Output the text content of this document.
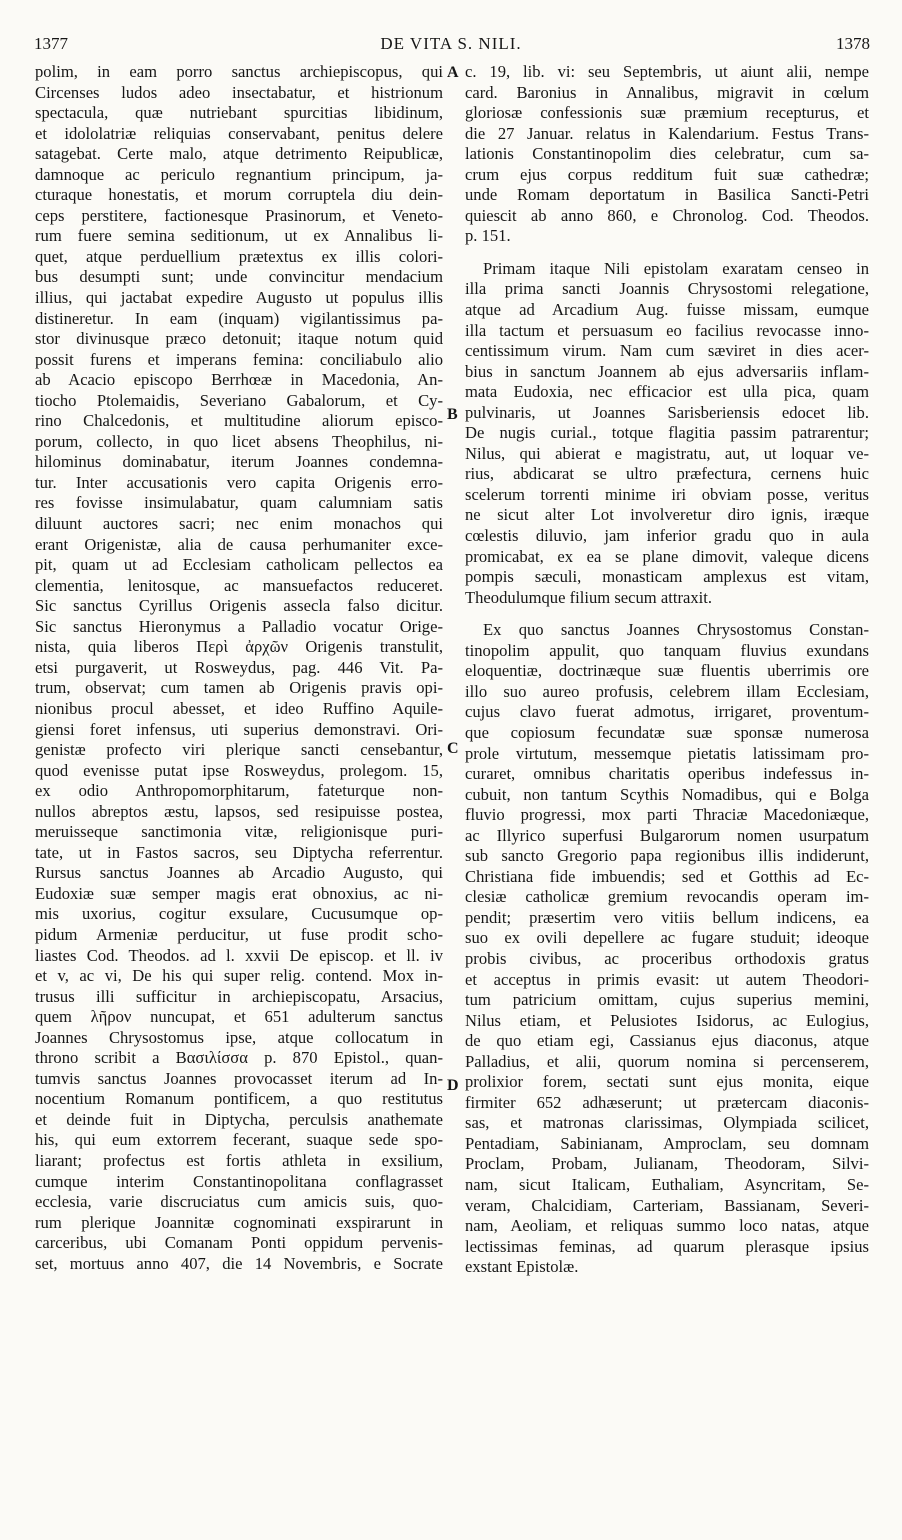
1377	DE VITA S. NILI.	1378
A
B
C
D
polim, in eam porro sanctus archiepiscopus, qui
Circenses ludos adeo insectabatur, et histrionum
spectacula, quæ nutriebant spurcitias libidinum,
et idololatriæ reliquias conservabant, penitus delere
satagebat. Certe malo, atque detrimento Reipublicæ,
damnoque ac periculo regnantium principum, ja-
cturaque honestatis, et morum corruptela diu dein-
ceps perstitere, factionesque Prasinorum, et Veneto-
rum fuere semina seditionum, ut ex Annalibus li-
quet, atque perduellium prætextus ex illis colori-
bus desumpti sunt; unde convincitur mendacium
illius, qui jactabat expedire Augusto ut populus illis
distineretur. In eam (inquam) vigilantissimus pa-
stor divinusque præco detonuit; itaque notum quid
possit furens et imperans femina: conciliabulo alio
ab Acacio episcopo Berrhœæ in Macedonia, An-
tiocho Ptolemaidis, Severiano Gabalorum, et Cy-
rino Chalcedonis, et multitudine aliorum episco-
porum, collecto, in quo licet absens Theophilus, ni-
hilominus dominabatur, iterum Joannes condemna-
tur. Inter accusationis vero capita Origenis erro-
res fovisse insimulabatur, quam calumniam satis
diluunt auctores sacri; nec enim monachos qui
erant Origenistæ, alia de causa perhumaniter exce-
pit, quam ut ad Ecclesiam catholicam pellectos ea
clementia, lenitosque, ac mansuefactos reduceret.
Sic sanctus Cyrillus Origenis assecla falso dicitur.
Sic sanctus Hieronymus a Palladio vocatur Orige-
nista, quia liberos Περὶ ἀρχῶν Origenis transtulit,
etsi purgaverit, ut Rosweydus, pag. 446 Vit. Pa-
trum, observat; cum tamen ab Origenis pravis opi-
nionibus procul abesset, et ideo Ruffino Aquile-
giensi foret infensus, uti superius demonstravi. Ori-
genistæ profecto viri plerique sancti censebantur,
quod evenisse putat ipse Rosweydus, prolegom. 15,
ex odio Anthropomorphitarum, fateturque non-
nullos abreptos æstu, lapsos, sed resipuisse postea,
meruisseque sanctimonia vitæ, religionisque puri-
tate, ut in Fastos sacros, seu Diptycha referrentur.
Rursus sanctus Joannes ab Arcadio Augusto, qui
Eudoxiæ suæ semper magis erat obnoxius, ac ni-
mis uxorius, cogitur exsulare, Cucusumque op-
pidum Armeniæ perducitur, ut fuse prodit scho-
liastes Cod. Theodos. ad l. xxvii De episcop. et ll. iv
et v, ac vi, De his qui super relig. contend. Mox in-
trusus illi sufficitur in archiepiscopatu, Arsacius,
quem λῆρον nuncupat, et 651 adulterum sanctus
Joannes Chrysostomus ipse, atque collocatum in
throno scribit a Βασιλίσσα p. 870 Epistol., quan-
tumvis sanctus Joannes provocasset iterum ad In-
nocentium Romanum pontificem, a quo restitutus
et deinde fuit in Diptycha, perculsis anathemate
his, qui eum extorrem fecerant, suaque sede spo-
liarant; profectus est fortis athleta in exsilium,
cumque interim Constantinopolitana conflagrasset
ecclesia, varie discruciatus cum amicis suis, quo-
rum plerique Joannitæ cognominati exspirarunt in
carceribus, ubi Comanam Ponti oppidum pervenis-
set, mortuus anno 407, die 14 Novembris, e Socrate
c. 19, lib. vi: seu Septembris, ut aiunt alii, nempe
card. Baronius in Annalibus, migravit in cœlum
gloriosæ confessionis suæ præmium recepturus, et
die 27 Januar. relatus in Kalendarium. Festus Trans-
lationis Constantinopolim dies celebratur, cum sa-
crum ejus corpus redditum fuit suæ cathedræ;
unde Romam deportatum in Basilica Sancti-Petri
quiescit ab anno 860, e Chronolog. Cod. Theodos.
p. 151.
Primam itaque Nili epistolam exaratam censeo in
illa prima sancti Joannis Chrysostomi relegatione,
atque ad Arcadium Aug. fuisse missam, eumque
illa tactum et persuasum eo facilius revocasse inno-
centissimum virum. Nam cum sæviret in dies acer-
bius in sanctum Joannem ab ejus adversariis inflam-
mata Eudoxia, nec efficacior est ulla pica, quam
pulvinaris, ut Joannes Sarisberiensis edocet lib.
De nugis curial., totque flagitia passim patrarentur;
Nilus, qui abierat e magistratu, aut, ut loquar ve-
rius, abdicarat se ultro præfectura, cernens huic
scelerum torrenti minime iri obviam posse, veritus
ne sicut alter Lot involveretur diro ignis, iræque
cœlestis diluvio, jam inferior gradu quo in aula
promicabat, ex ea se plane dimovit, valeque dicens
pompis sæculi, monasticam amplexus est vitam,
Theodulumque filium secum attraxit.
Ex quo sanctus Joannes Chrysostomus Constan-
tinopolim appulit, quo tanquam fluvius exundans
eloquentiæ, doctrinæque suæ fluentis uberrimis ore
illo suo aureo profusis, celebrem illam Ecclesiam,
cujus clavo fuerat admotus, irrigaret, proventum-
que copiosum fecundatæ suæ sponsæ numerosa
prole virtutum, messemque pietatis latissimam pro-
curaret, omnibus charitatis operibus indefessus in-
cubuit, non tantum Scythis Nomadibus, qui e Bolga
fluvio progressi, mox parti Thraciæ Macedoniæque,
ac Illyrico superfusi Bulgarorum nomen usurpatum
sub sancto Gregorio papa regionibus illis indiderunt,
Christiana fide imbuendis; sed et Gotthis ad Ec-
clesiæ catholicæ gremium revocandis operam im-
pendit; præsertim vero vitiis bellum indicens, ea
suo ex ovili depellere ac fugare studuit; ideoque
probis civibus, ac proceribus orthodoxis gratus
et acceptus in primis evasit: ut autem Theodori-
tum patricium omittam, cujus superius memini,
Nilus etiam, et Pelusiotes Isidorus, ac Eulogius,
de quo etiam egi, Cassianus ejus diaconus, atque
Palladius, et alii, quorum nomina si percenserem,
prolixior forem, sectati sunt ejus monita, eique
firmiter 652 adhæserunt; ut prætercam diaconis-
sas, et matronas clarissimas, Olympiada scilicet,
Pentadiam, Sabinianam, Amproclam, seu domnam
Proclam, Probam, Julianam, Theodoram, Silvi-
nam, sicut Italicam, Euthaliam, Asyncritam, Se-
veram, Chalcidiam, Carteriam, Bassianam, Severi-
nam, Aeoliam, et reliquas summo loco natas, atque
lectissimas feminas, ad quarum plerasque ipsius
exstant Epistolæ.
